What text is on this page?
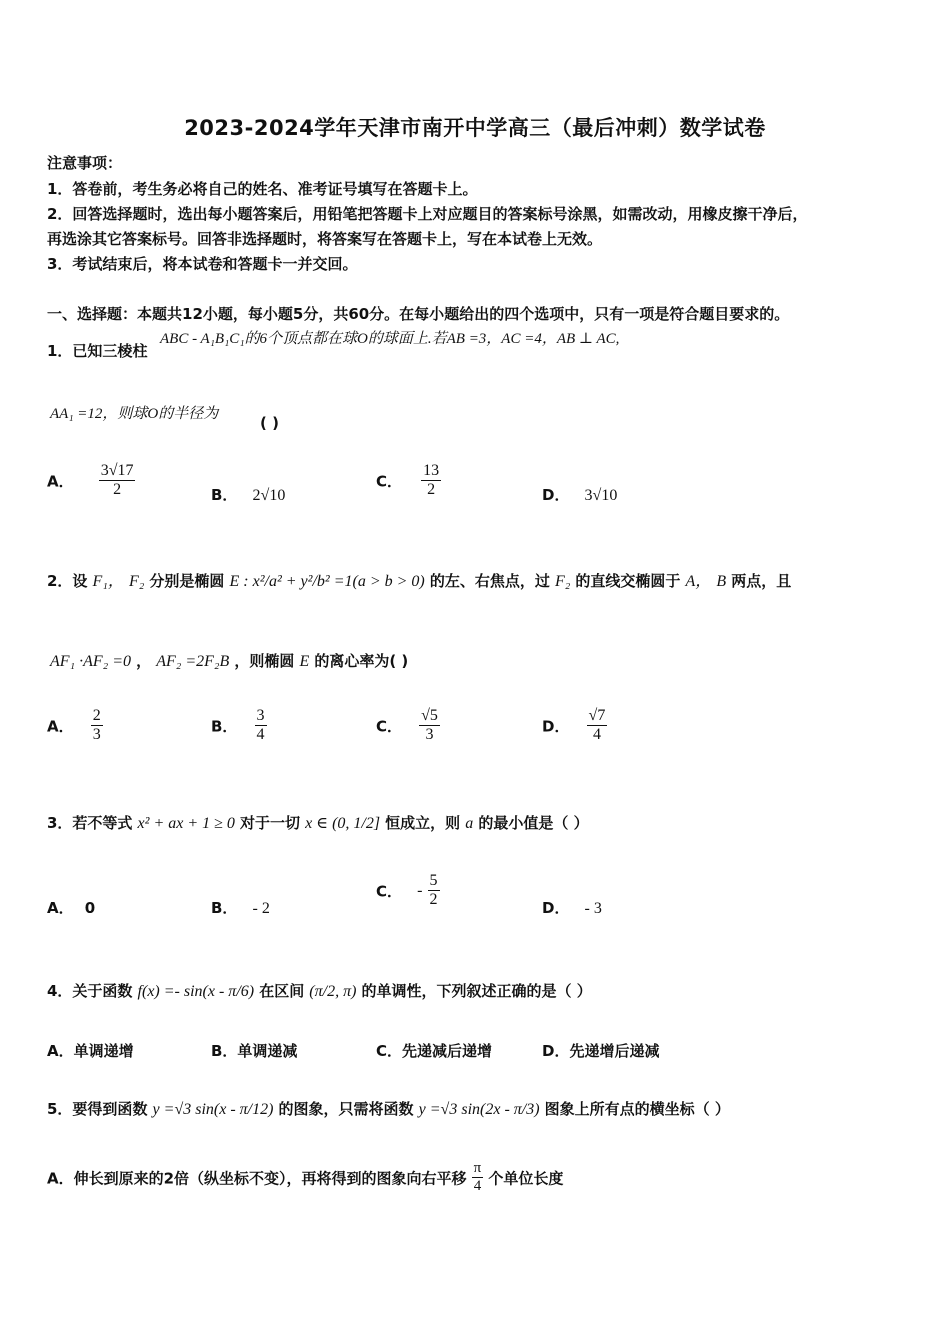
2023-2024学年天津市南开中学高三（最后冲刺）数学试卷
注意事项：
1．答卷前，考生务必将自己的姓名、准考证号填写在答题卡上。
2．回答选择题时，选出每小题答案后，用铅笔把答题卡上对应题目的答案标号涂黑，如需改动，用橡皮擦干净后，
再选涂其它答案标号。回答非选择题时，将答案写在答题卡上，写在本试卷上无效。
3．考试结束后，将本试卷和答题卡一并交回。
一、选择题：本题共12小题，每小题5分，共60分。在每小题给出的四个选项中，只有一项是符合题目要求的。
1．已知三棱柱
ABC - A₁B₁C₁的6个顶点都在球O的球面上.若AB =3，AC =4，AB ⊥ AC,
AA₁ =12，则球O的半径为	( )
A． $\frac{3√17}{2}$	B． 2√10
C． $\frac{13}{2}$	D． 3√10
2．设 F₁， F₂ 分别是椭圆 E : x²/a² + y²/b² =1(a > b > 0) 的左、右焦点，过 F₂ 的直线交椭圆于 A， B 两点，且
AF₁ ·AF₂ =0 ， AF₂ =2F₂B ，则椭圆 E 的离心率为( )
A． $\frac{2}{3}$	B． $\frac{3}{4}$	C． $\frac{√5}{3}$	D． $\frac{√7}{4}$
3．若不等式 x² + ax + 1 ≥ 0 对于一切 x ∈ (0, 1/2] 恒成立，则 a 的最小值是（ ）
A． 0	B． - 2
C． - $\frac{5}{2}$	D． - 3
4．关于函数 f(x) =- sin(x - π/6) 在区间 (π/2, π) 的单调性，下列叙述正确的是（ ）
A．单调递增	B．单调递减	C．先递减后递增	D．先递增后递减
5．要得到函数 y =√3 sin(x - π/12) 的图象，只需将函数 y =√3 sin(2x - π/3) 图象上所有点的横坐标（ ）
A．伸长到原来的2倍（纵坐标不变），再将得到的图象向右平移 $\frac{\pi}{4}$ 个单位长度
